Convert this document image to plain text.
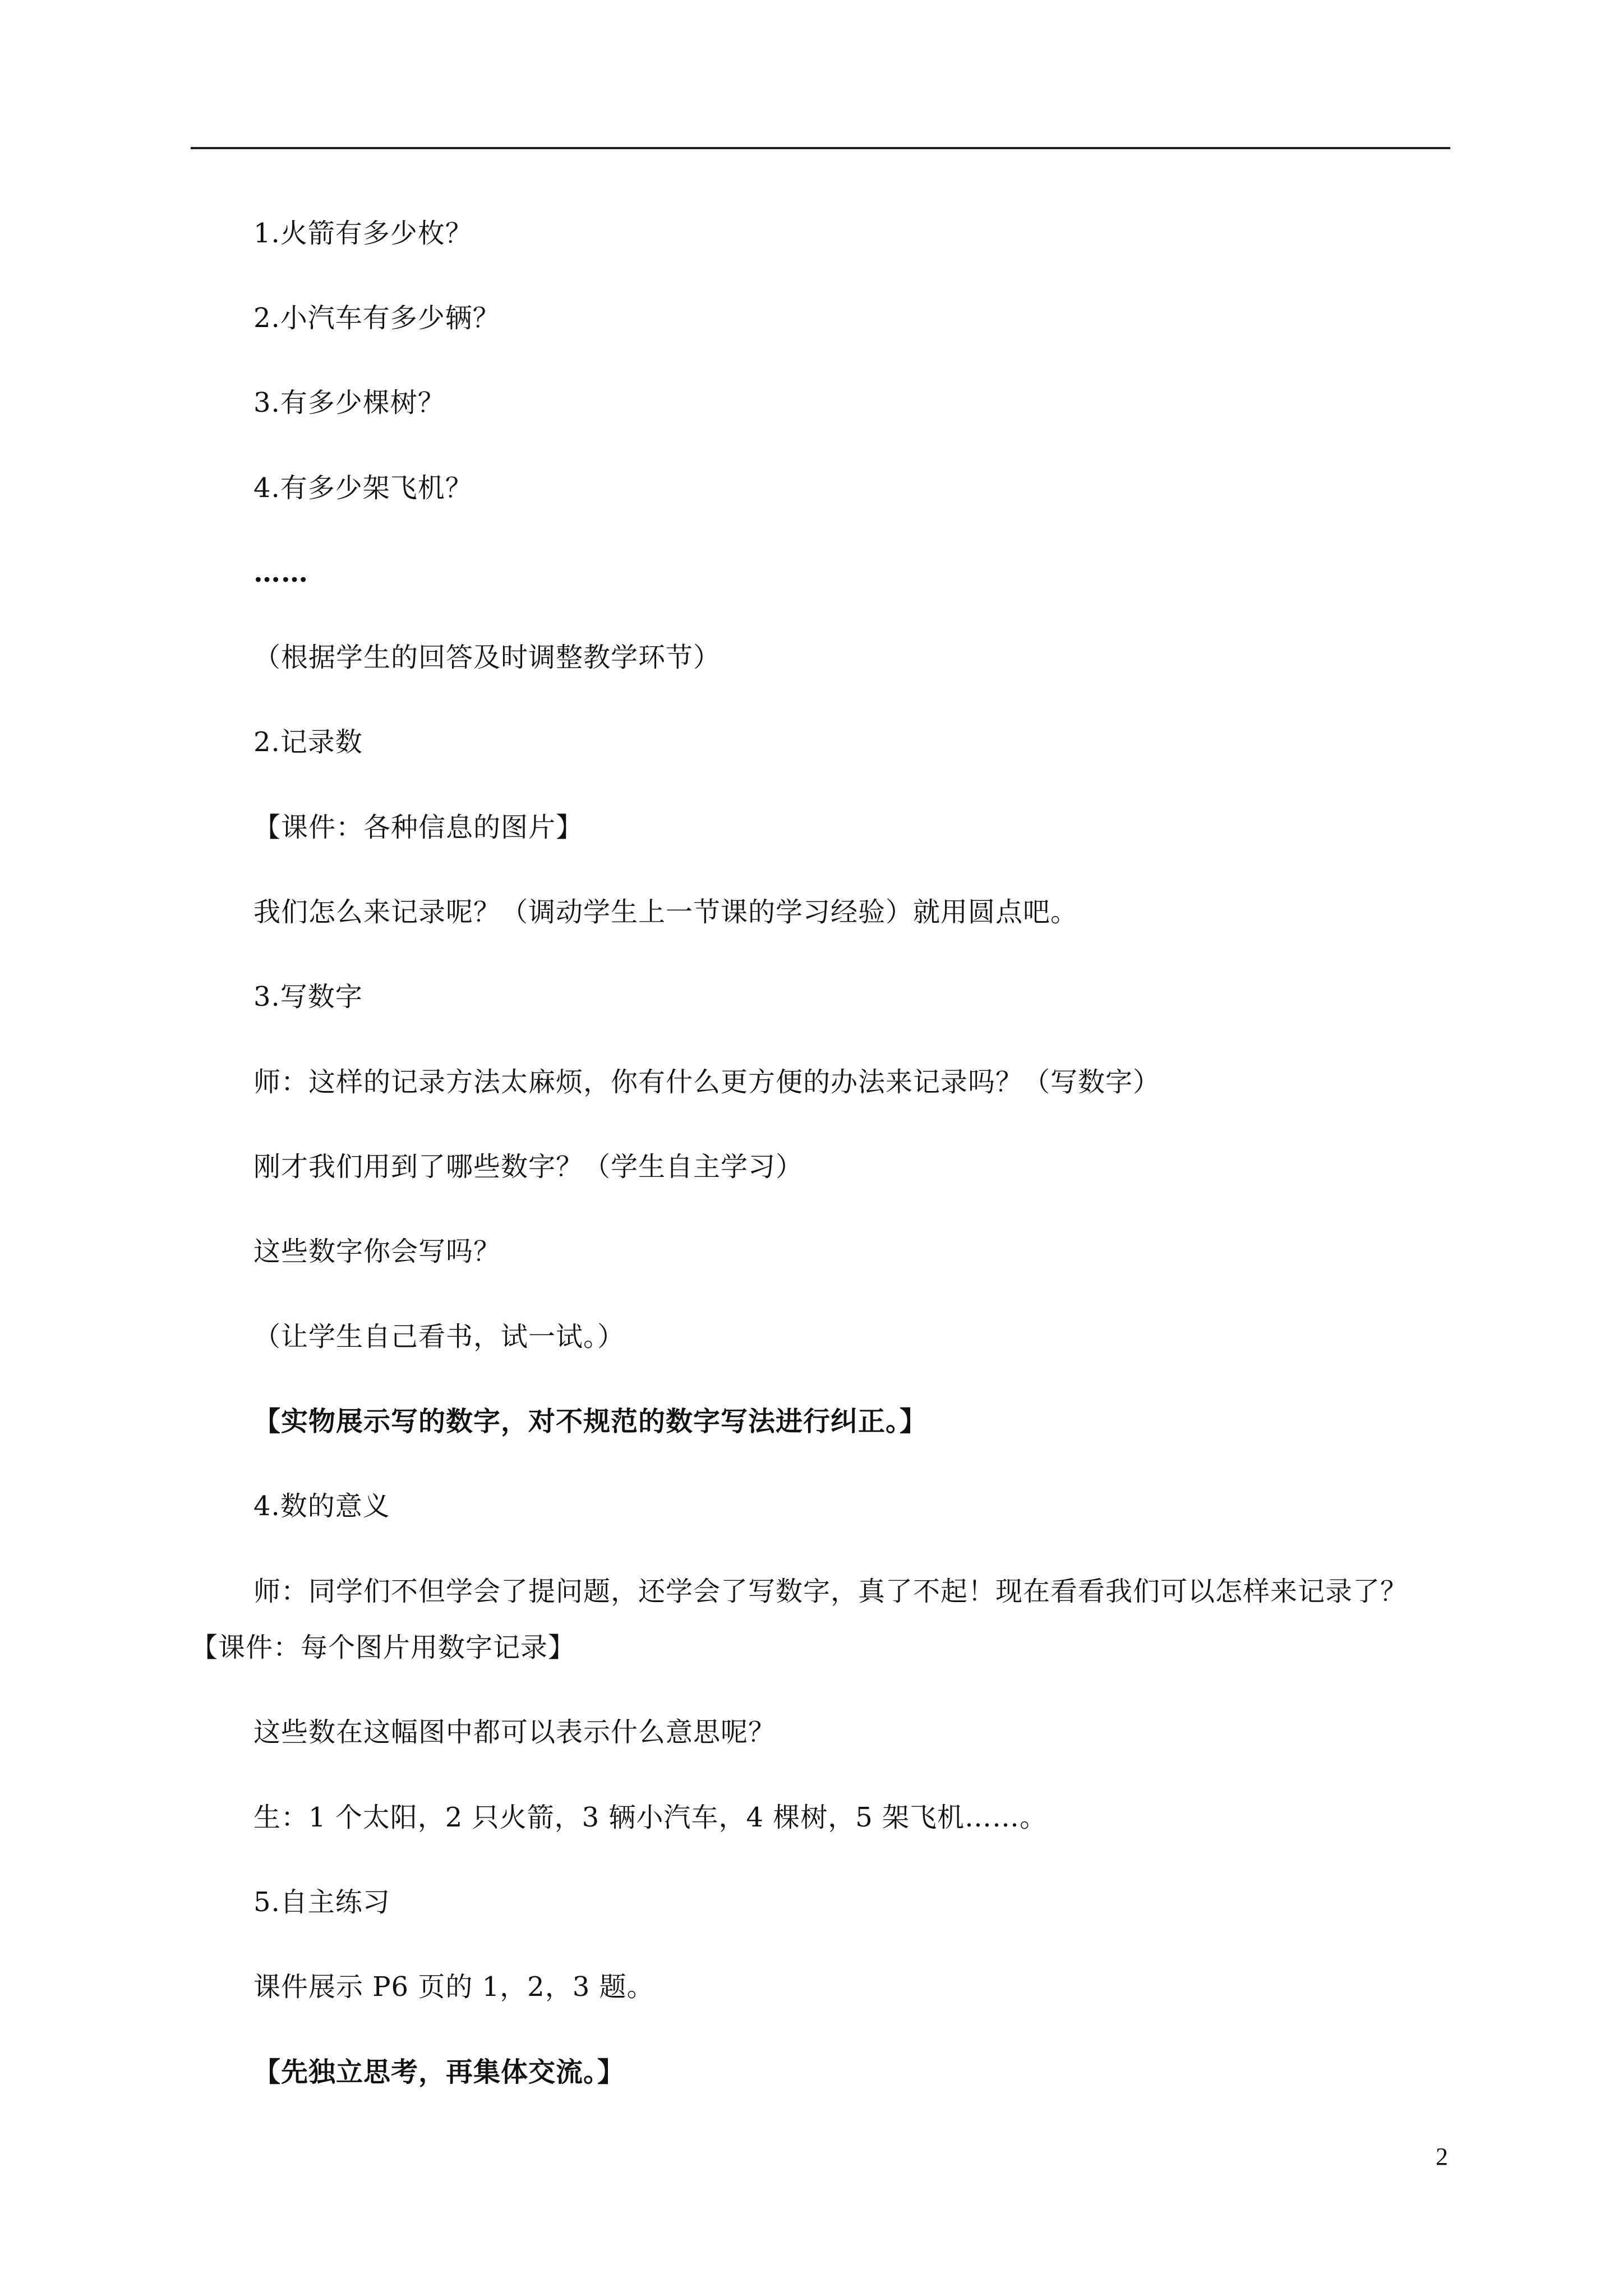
1.火箭有多少枚？
2.小汽车有多少辆？
3.有多少棵树？
4.有多少架飞机？
……
（根据学生的回答及时调整教学环节）
2.记录数
【课件：各种信息的图片】
我们怎么来记录呢？（调动学生上一节课的学习经验）就用圆点吧。
3.写数字
师：这样的记录方法太麻烦，你有什么更方便的办法来记录吗？（写数字）
刚才我们用到了哪些数字？（学生自主学习）
这些数字你会写吗？
（让学生自己看书，试一试。）
【实物展示写的数字，对不规范的数字写法进行纠正。】
4.数的意义
师：同学们不但学会了提问题，还学会了写数字，真了不起！现在看看我们可以怎样来记录了？
【课件：每个图片用数字记录】
这些数在这幅图中都可以表示什么意思呢？
生：1 个太阳，2 只火箭，3 辆小汽车，4 棵树，5 架飞机……。
5.自主练习
课件展示 P6 页的 1，2，3 题。
【先独立思考，再集体交流。】
2
